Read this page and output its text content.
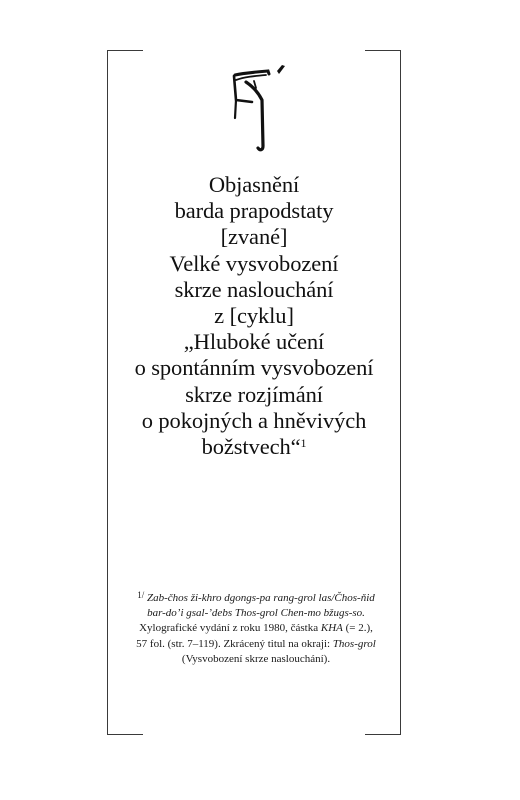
Objasnění
barda prapodstaty
[zvané]
Velké vysvobození
skrze naslouchání
z [cyklu]
„Hluboké učení
o spontánním vysvobození
skrze rozjímání
o pokojných a hněvivých
božstvech“$^1$
$^{1/}$ Zab-čhos ži-khro dgongs-pa rang-grol las/Čhos-ňid
bar-do’i gsal-’debs Thos-grol Chen-mo bžugs-so.
Xylografické vydání z roku 1980, částka KHA (= 2.),
57 fol. (str. 7–119). Zkrácený titul na okraji: Thos-grol
(Vysvobození skrze naslouchání).
